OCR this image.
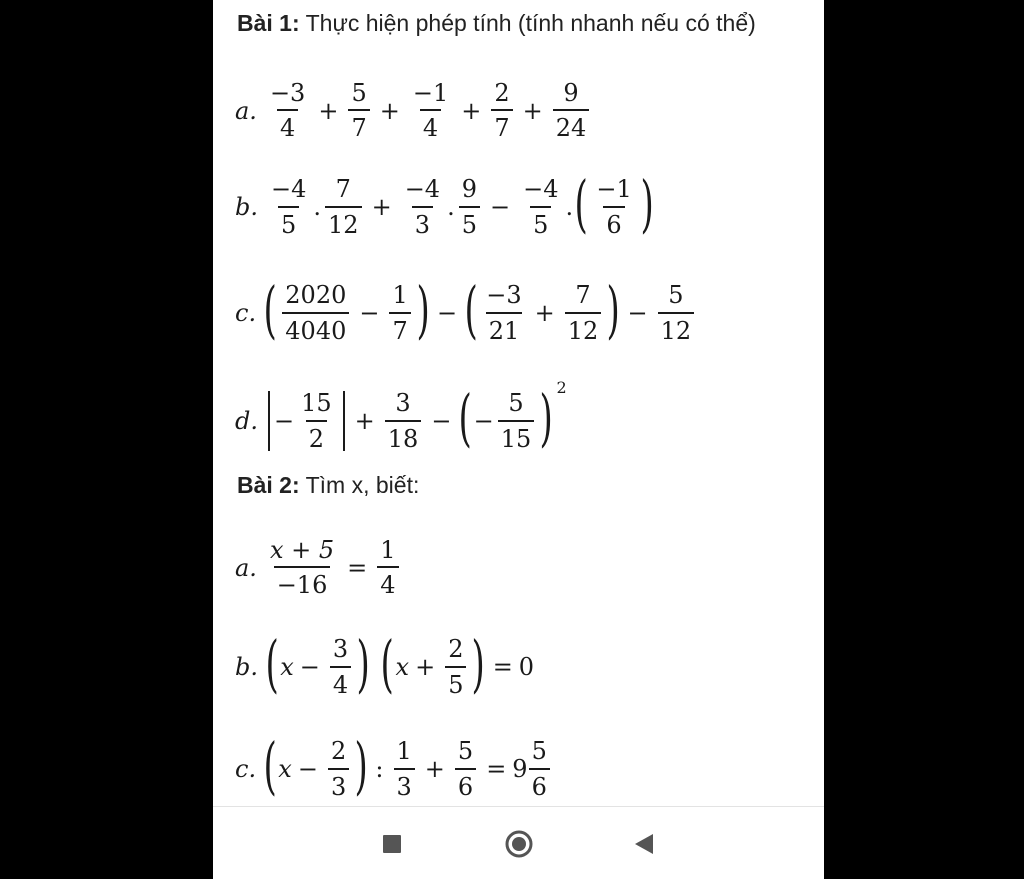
Bài 1: Thực hiện phép tính (tính nhanh nếu có thể)
a. $\frac{-3}{4} + \frac{5}{7} + \frac{-1}{4} + \frac{2}{7} + \frac{9}{24}$
b. $\frac{-4}{5}$ . $\frac{7}{12} + \frac{-4}{3}$ . $\frac{9}{5} - \frac{-4}{5}$ . ( $\frac{-1}{6}$ )
c. ( $\frac{2020}{4040} - \frac{1}{7}$ ) − ( $\frac{-3}{21} + \frac{7}{12}$ ) − $\frac{5}{12}$
d. − $\frac{15}{2} + \frac{3}{18}$ − ( − $\frac{5}{15}$ ) 2
Bài 2: Tìm x, biết:
a. $\frac{x + 5}{-16} = \frac{1}{4}$
b. ( $x - \frac{3}{4}$ ) ( $x + \frac{2}{5}$ ) = 0
c. ( $x - \frac{2}{3}$ ) : $\frac{1}{3} + \frac{5}{6} = 9 \frac{5}{6}$
